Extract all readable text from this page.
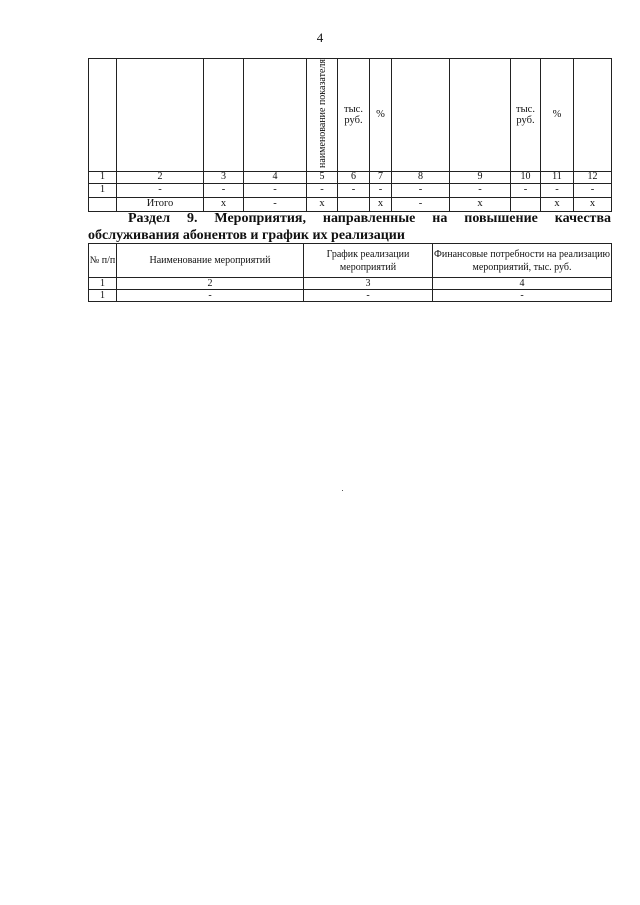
4
				наименование показателя	тыс. руб.	%			тыс. руб.	%	
1	2	3	4	5	6	7	8	9	10	11	12
1	-	-	-	-	-	-	-	-	-	-	-
	Итого	х	-	х		х	-	х		х	х
Раздел 9. Мероприятия, направленные на повышение качества обслуживания абонентов и график их реализации
№ п/п	Наименование мероприятий	График реализации мероприятий	Финансовые потребности на реализацию мероприятий, тыс. руб.
1	2	3	4
1	-	-	-
